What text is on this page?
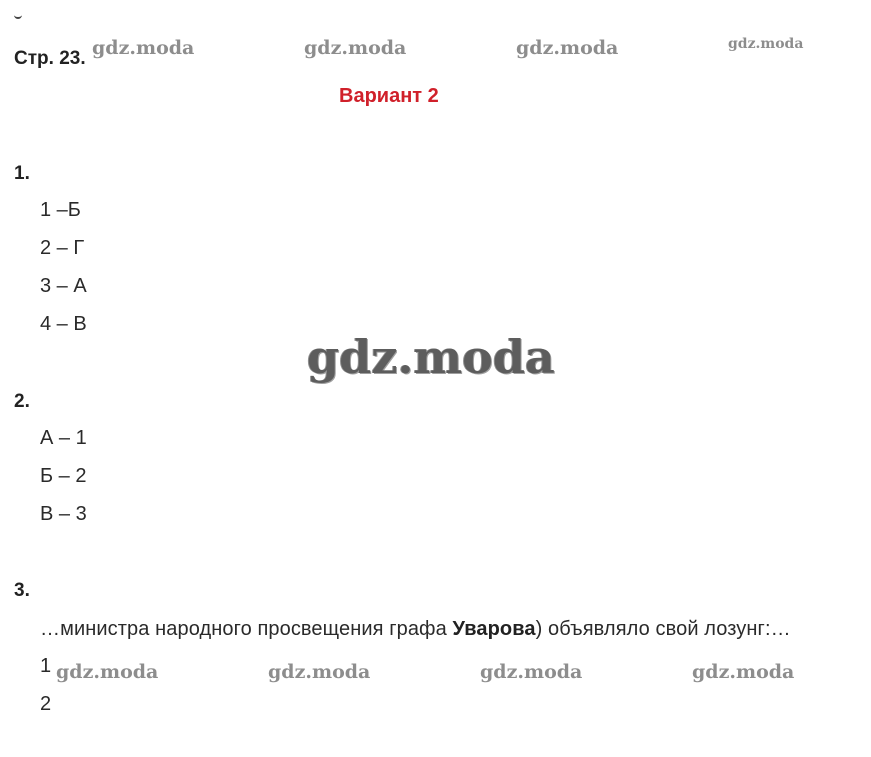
Стр. 23. gdz.moda	gdz.moda	gdz.moda	gdz.moda
Вариант 2
1.
1 –Б
2 – Г
3 – А
4 – В
gdz.moda
2.
А – 1
Б – 2
В – 3
3.
…министра народного просвещения графа Уварова) объявляло свой лозунг:…
1
2
gdz.moda	gdz.moda	gdz.moda	gdz.moda
